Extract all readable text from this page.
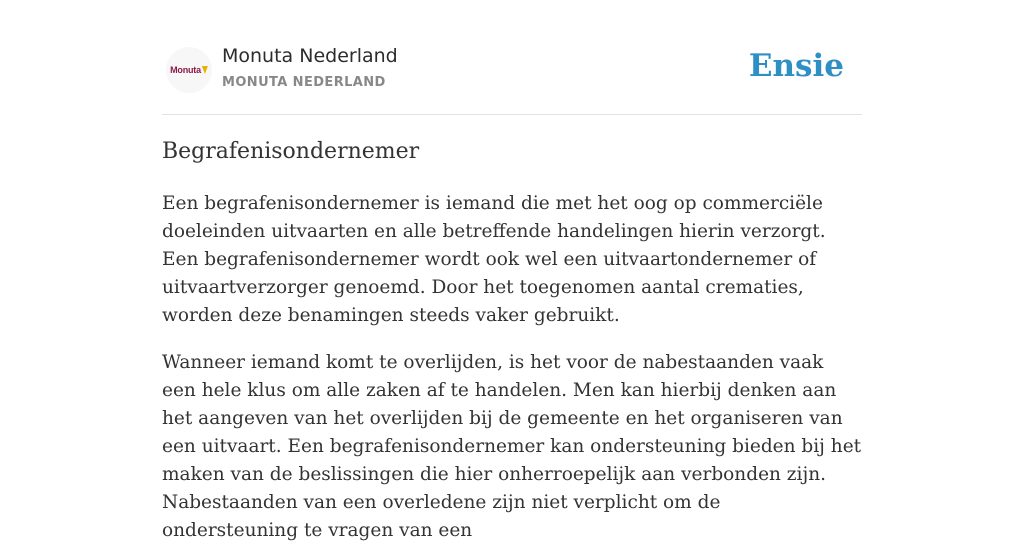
Monuta
Monuta Nederland
MONUTA NEDERLAND	Ensie
Begrafenisondernemer

Een begrafenisondernemer is iemand die met het oog op commerciële doeleinden uitvaarten en alle betreffende handelingen hierin verzorgt. Een begrafenisondernemer wordt ook wel een uitvaartondernemer of uitvaartverzorger genoemd. Door het toegenomen aantal crematies, worden deze benamingen steeds vaker gebruikt.

Wanneer iemand komt te overlijden, is het voor de nabestaanden vaak een hele klus om alle zaken af te handelen. Men kan hierbij denken aan het aangeven van het overlijden bij de gemeente en het organiseren van een uitvaart. Een begrafenisondernemer kan ondersteuning bieden bij het maken van de beslissingen die hier onherroepelijk aan verbonden zijn. Nabestaanden van een overledene zijn niet verplicht om de ondersteuning te vragen van een
